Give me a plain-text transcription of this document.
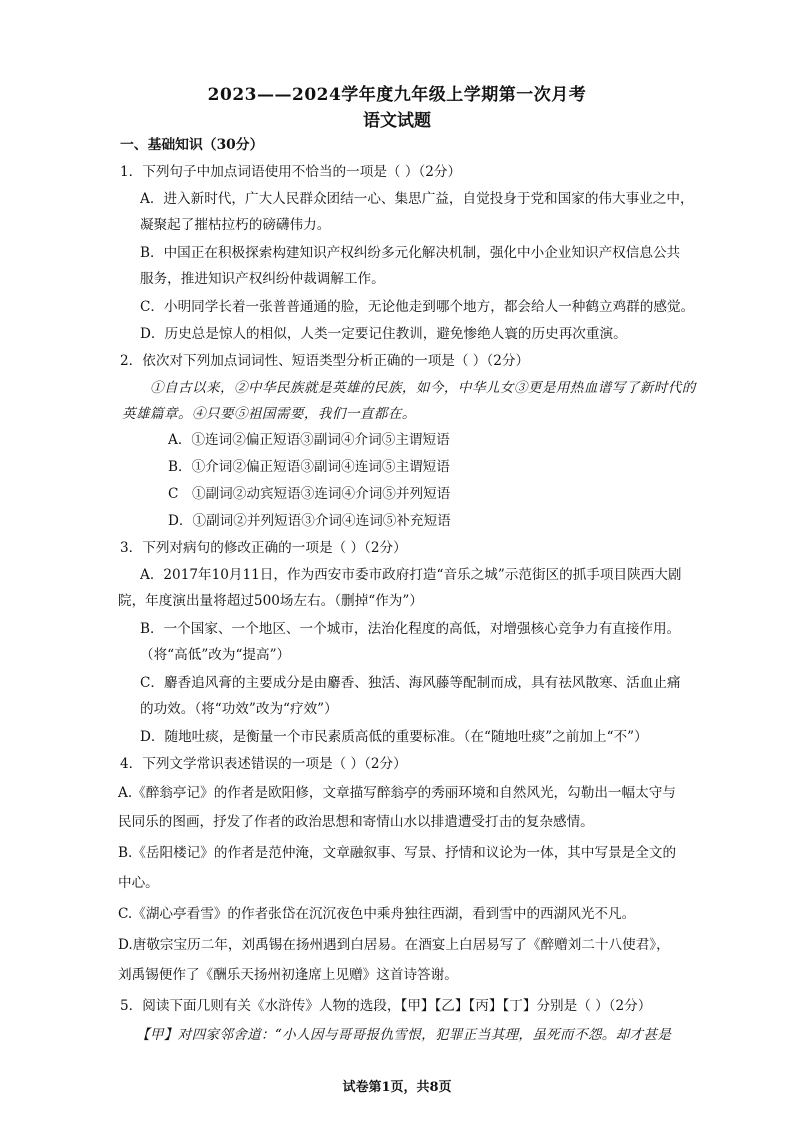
2023——2024学年度九年级上学期第一次月考
语文试题
一、基础知识（30分）
1．下列句子中加点词语使用不恰当的一项是（ ）（2分）
A．进入新时代，广大人民群众团结一心、集思广益，自觉投身于党和国家的伟大事业之中，
凝聚起了摧枯拉朽的磅礴伟力。
B．中国正在积极探索构建知识产权纠纷多元化解决机制，强化中小企业知识产权信息公共
服务，推进知识产权纠纷仲裁调解工作。
C．小明同学长着一张普普通通的脸，无论他走到哪个地方，都会给人一种鹤立鸡群的感觉。
D．历史总是惊人的相似，人类一定要记住教训，避免惨绝人寰的历史再次重演。
2．依次对下列加点词词性、短语类型分析正确的一项是（ ）（2分）
①自古以来，②中华民族就是英雄的民族，如今，中华儿女③更是用热血谱写了新时代的
英雄篇章。④只要⑤祖国需要，我们一直都在。
A．①连词②偏正短语③副词④介词⑤主谓短语
B．①介词②偏正短语③副词④连词⑤主谓短语
C　①副词②动宾短语③连词④介词⑤并列短语
D．①副词②并列短语③介词④连词⑤补充短语
3．下列对病句的修改正确的一项是（ ）（2分）
A．2017年10月11日，作为西安市委市政府打造“音乐之城”示范街区的抓手项目陕西大剧
院，年度演出量将超过500场左右。（删掉“作为”）
B．一个国家、一个地区、一个城市，法治化程度的高低，对增强核心竞争力有直接作用。
（将“高低”改为“提高”）
C．麝香追风膏的主要成分是由麝香、独活、海风藤等配制而成，具有祛风散寒、活血止痛
的功效。（将“功效”改为“疗效”）
D．随地吐痰，是衡量一个市民素质高低的重要标准。（在“随地吐痰”之前加上“不”）
4．下列文学常识表述错误的一项是（ ）（2分）
A.《醉翁亭记》的作者是欧阳修，文章描写醉翁亭的秀丽环境和自然风光，勾勒出一幅太守与
民同乐的图画，抒发了作者的政治思想和寄情山水以排遣遭受打击的复杂感情。
B.《岳阳楼记》的作者是范仲淹，文章融叙事、写景、抒情和议论为一体，其中写景是全文的
中心。
C.《湖心亭看雪》的作者张岱在沉沉夜色中乘舟独往西湖，看到雪中的西湖风光不凡。
D.唐敬宗宝历二年，刘禹锡在扬州遇到白居易。在酒宴上白居易写了《醉赠刘二十八使君》，
刘禹锡便作了《酬乐天扬州初逢席上见赠》这首诗答谢。
5．阅读下面几则有关《水浒传》人物的选段，【甲】【乙】【丙】【丁】分别是（ ）（2分）
【甲】对四家邻舍道：“小人因与哥哥报仇雪恨，犯罪正当其理，虽死而不怨。却才甚是
试卷第1页，共8页
